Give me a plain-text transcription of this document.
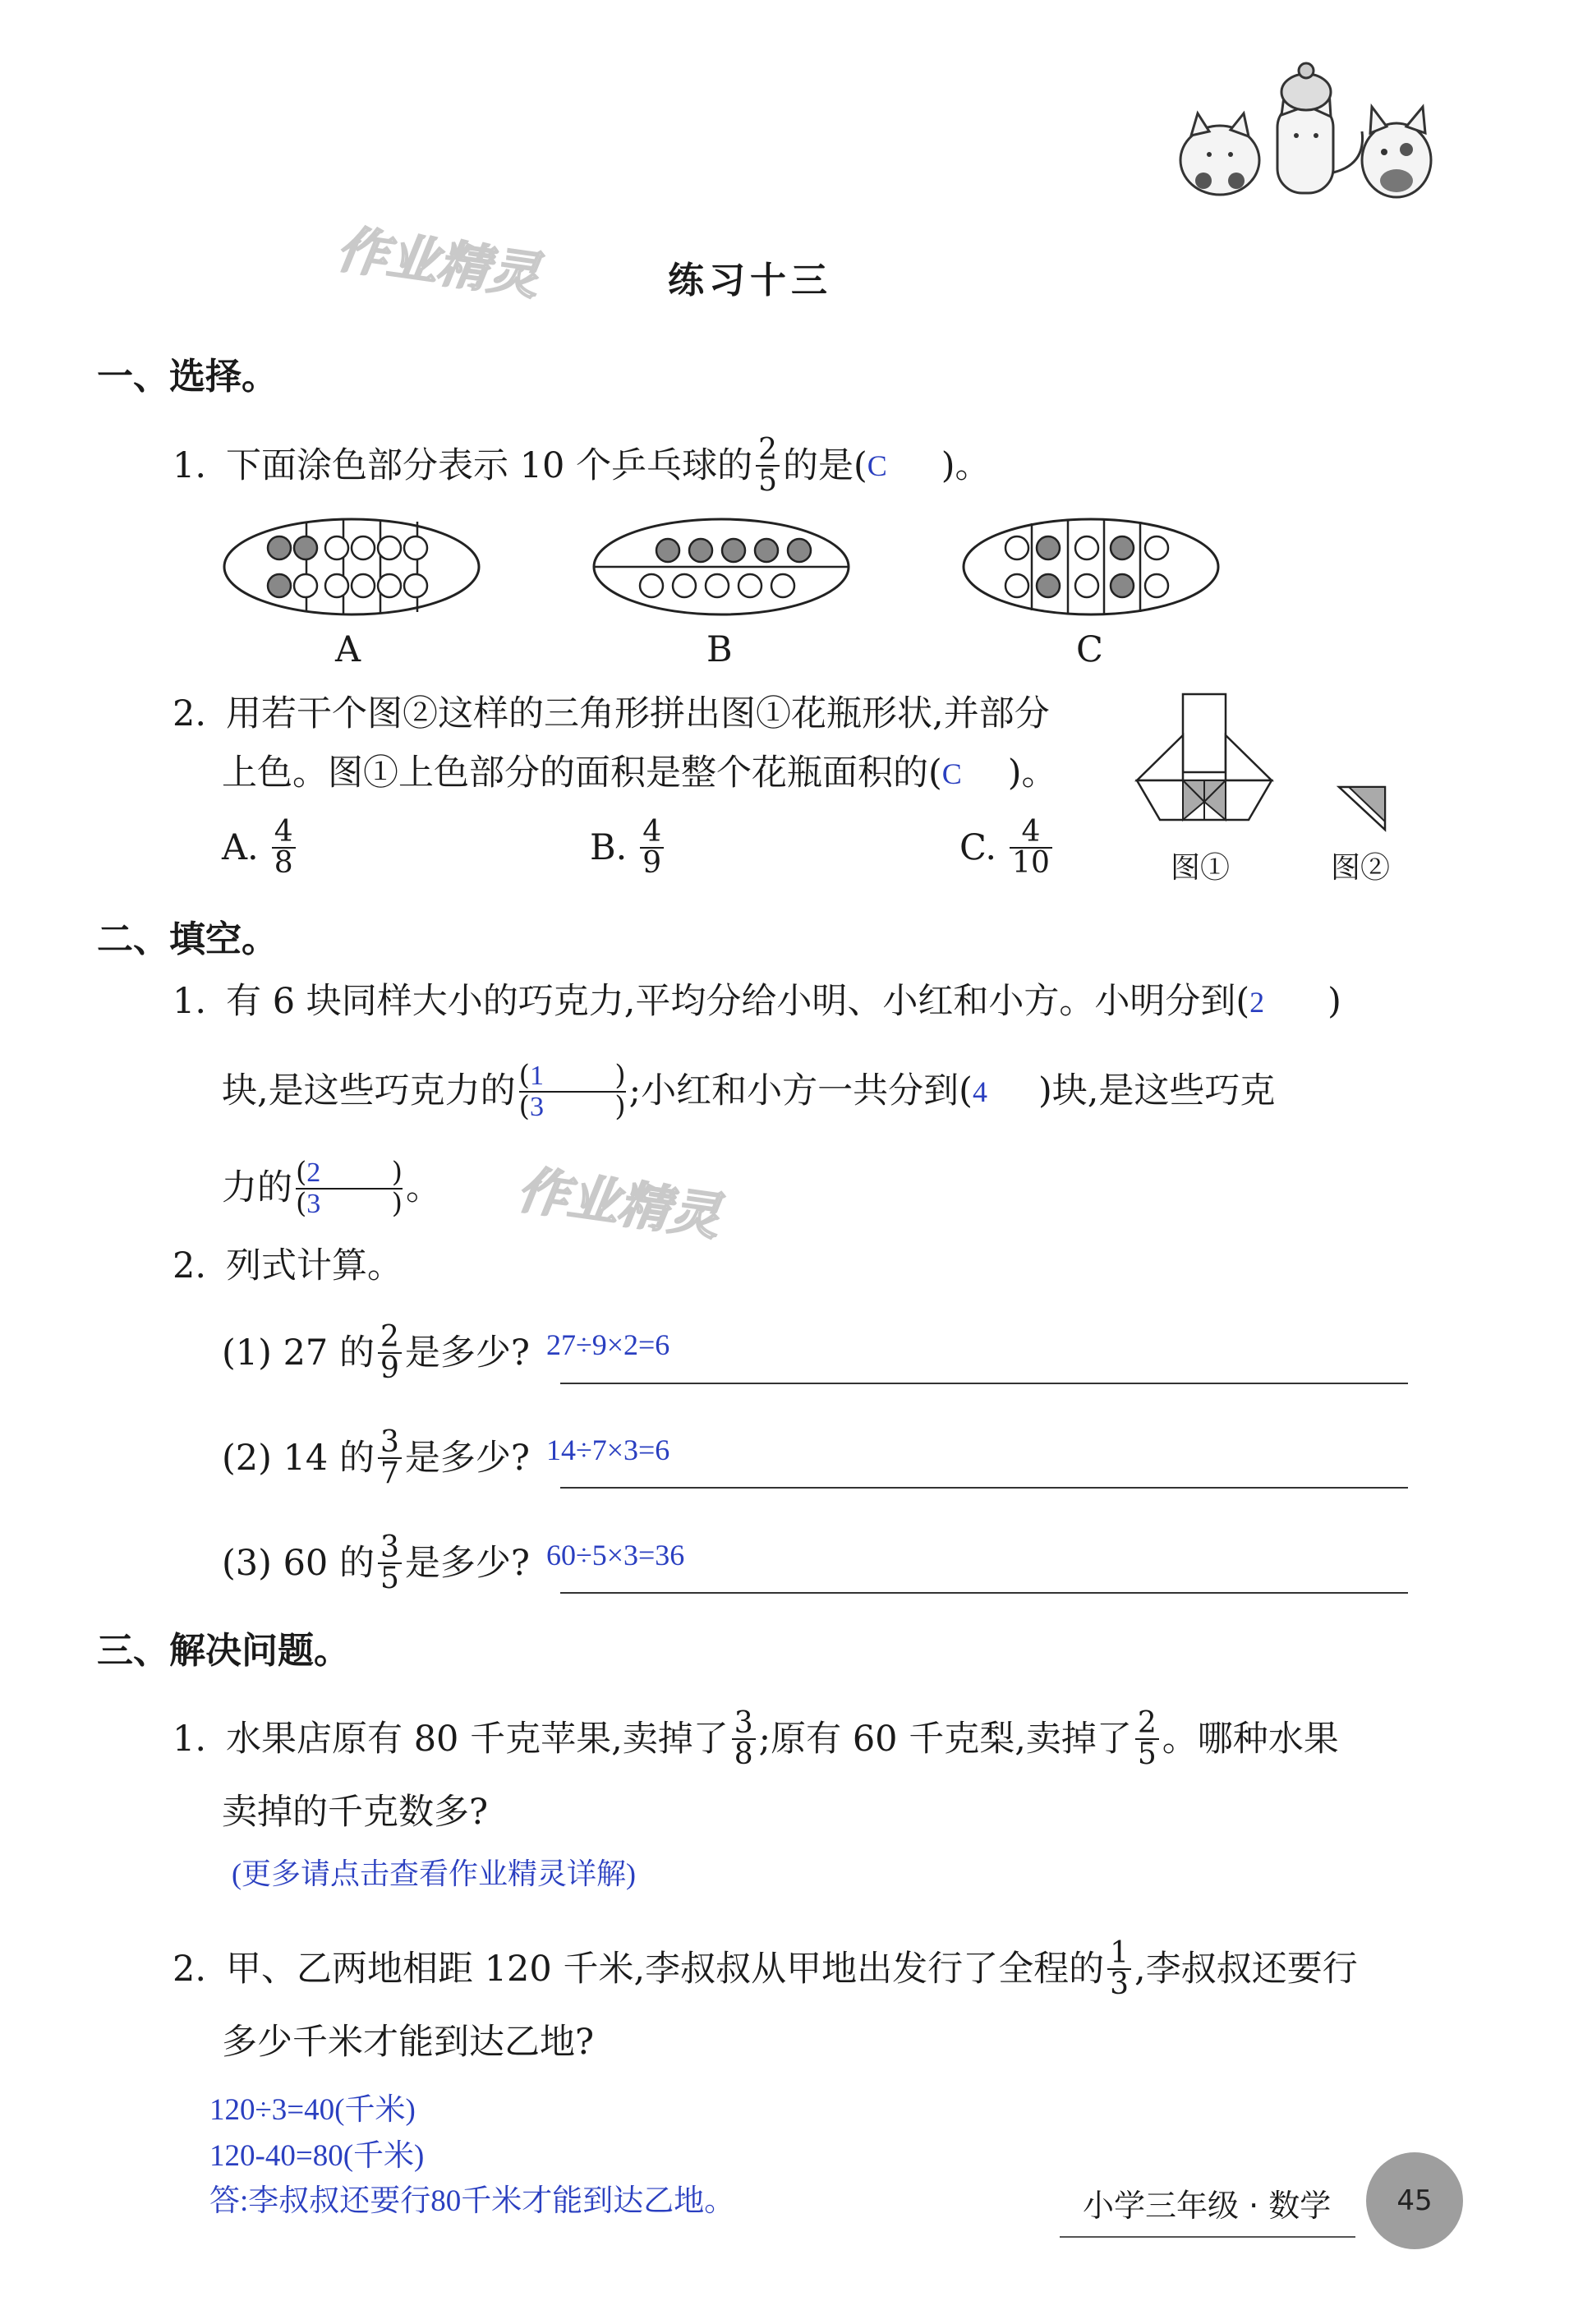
作业精灵
作业精灵
练习十三
一、选择。
1. 下面涂色部分表示 10 个乒乓球的 $\frac{2}{5}$ 的是( C	)。
A	B	C
2. 用若干个图②这样的三角形拼出图①花瓶形状,并部分
上色。图①上色部分的面积是整个花瓶面积的( C	)。
A. $\frac{4}{8}$	B. $\frac{4}{9}$	C. $\frac{4}{10}$	图①	图②
二、填空。
1. 有 6 块同样大小的巧克力,平均分给小明、小红和小方。小明分到( 2	)
块,是这些巧克力的 (1	)
(3	) ;小红和小方一共分到( 4	)块,是这些巧克
力的 (2	)
(3	) 。
2. 列式计算。
(1) 27 的 $\frac{2}{9}$ 是多少? 27÷9×2=6
(2) 14 的 $\frac{3}{7}$ 是多少? 14÷7×3=6
(3) 60 的 $\frac{3}{5}$ 是多少? 60÷5×3=36
三、解决问题。
1. 水果店原有 80 千克苹果,卖掉了 $\frac{3}{8}$ ;原有 60 千克梨,卖掉了 $\frac{2}{5}$ 。哪种水果
卖掉的千克数多?
(更多请点击查看作业精灵详解)
2. 甲、乙两地相距 120 千米,李叔叔从甲地出发行了全程的 $\frac{1}{3}$ ,李叔叔还要行
多少千米才能到达乙地?
120÷3=40(千米)
120-40=80(千米)
答:李叔叔还要行80千米才能到达乙地。	小学三年级 · 数学 45
